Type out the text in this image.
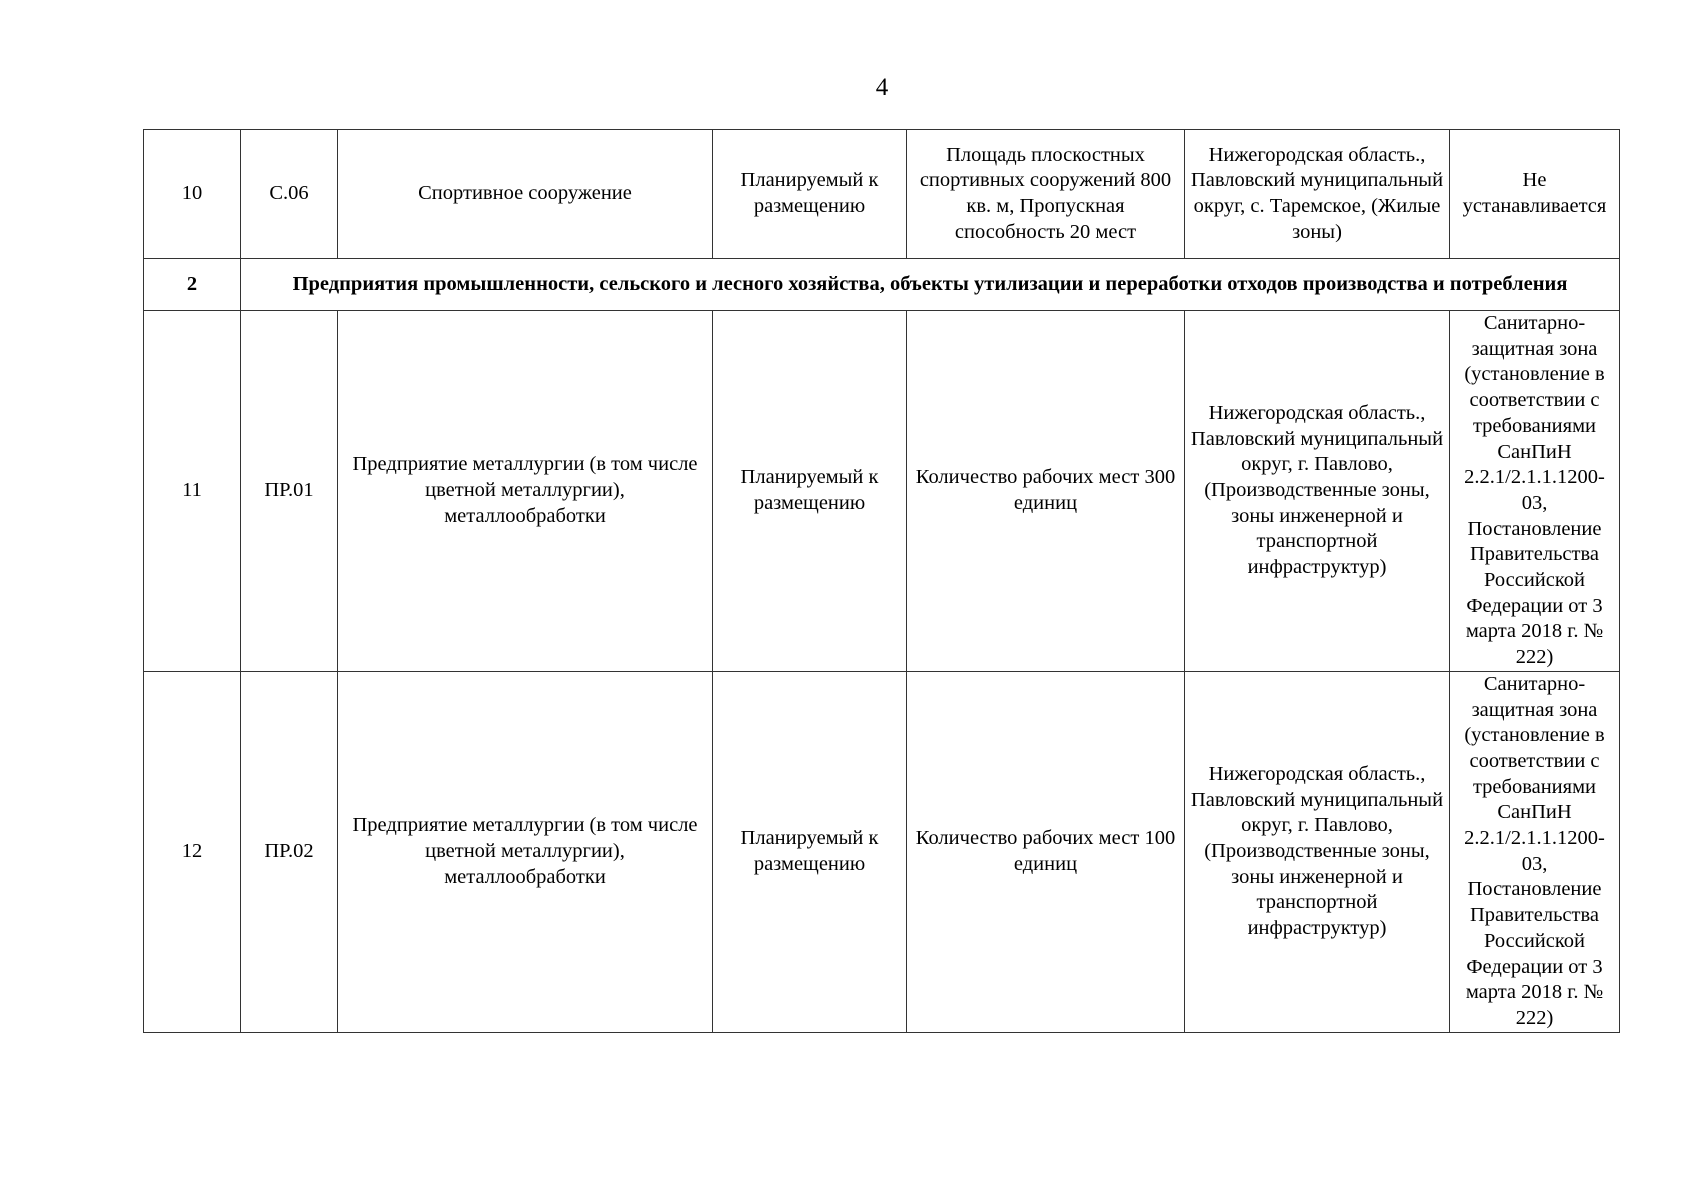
4
10	С.06	Спортивное сооружение	Планируемый к размещению	Площадь плоскостных спортивных сооружений 800 кв. м, Пропускная способность 20 мест	Нижегородская область., Павловский муниципальный округ, с. Таремское, (Жилые зоны)	Не устанавливается
2	Предприятия промышленности, сельского и лесного хозяйства, объекты утилизации и переработки отходов производства и потребления					
11	ПР.01	Предприятие металлургии (в том числе цветной металлургии), металлообработки	Планируемый к размещению	Количество рабочих мест 300 единиц	Нижегородская область., Павловский муниципальный округ, г. Павлово, (Производственные зоны, зоны инженерной и транспортной инфраструктур)	Санитарно-защитная зона (установление в соответствии с требованиями СанПиН 2.2.1/2.1.1.1200-03, Постановление Правительства Российской Федерации от 3 марта 2018 г. № 222)
12	ПР.02	Предприятие металлургии (в том числе цветной металлургии), металлообработки	Планируемый к размещению	Количество рабочих мест 100 единиц	Нижегородская область., Павловский муниципальный округ, г. Павлово, (Производственные зоны, зоны инженерной и транспортной инфраструктур)	Санитарно-защитная зона (установление в соответствии с требованиями СанПиН 2.2.1/2.1.1.1200-03, Постановление Правительства Российской Федерации от 3 марта 2018 г. № 222)
